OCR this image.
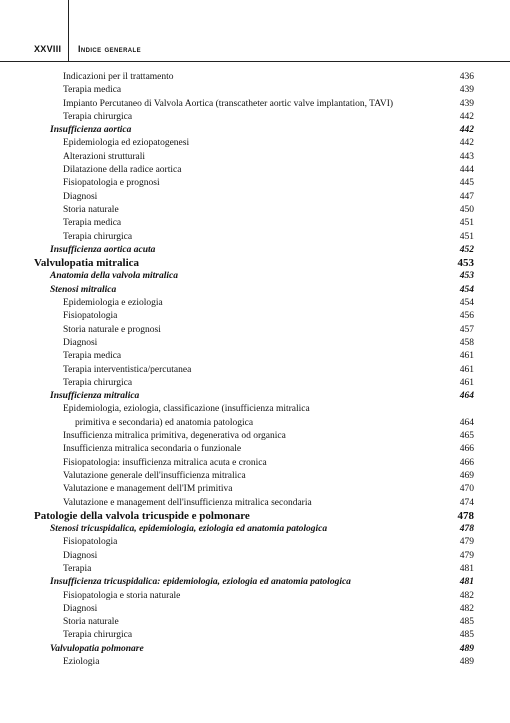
XXVIII Indice generale
Indicazioni per il trattamento	436
Terapia medica	439
Impianto Percutaneo di Valvola Aortica (transcatheter aortic valve implantation, TAVI)	439
Terapia chirurgica	442
Insufficienza aortica	442
Epidemiologia ed eziopatogenesi	442
Alterazioni strutturali	443
Dilatazione della radice aortica	444
Fisiopatologia e prognosi	445
Diagnosi	447
Storia naturale	450
Terapia medica	451
Terapia chirurgica	451
Insufficienza aortica acuta	452
Valvulopatia mitralica	453
Anatomia della valvola mitralica	453
Stenosi mitralica	454
Epidemiologia e eziologia	454
Fisiopatologia	456
Storia naturale e prognosi	457
Diagnosi	458
Terapia medica	461
Terapia interventistica/percutanea	461
Terapia chirurgica	461
Insufficienza mitralica	464
Epidemiologia, eziologia, classificazione (insufficienza mitralica
primitiva e secondaria) ed anatomia patologica	464
Insufficienza mitralica primitiva, degenerativa od organica	465
Insufficienza mitralica secondaria o funzionale	466
Fisiopatologia: insufficienza mitralica acuta e cronica	466
Valutazione generale dell'insufficienza mitralica	469
Valutazione e management dell'IM primitiva	470
Valutazione e management dell'insufficienza mitralica secondaria	474
Patologie della valvola tricuspide e polmonare	478
Stenosi tricuspidalica, epidemiologia, eziologia ed anatomia patologica	478
Fisiopatologia	479
Diagnosi	479
Terapia	481
Insufficienza tricuspidalica: epidemiologia, eziologia ed anatomia patologica	481
Fisiopatologia e storia naturale	482
Diagnosi	482
Storia naturale	485
Terapia chirurgica	485
Valvulopatia polmonare	489
Eziologia	489
